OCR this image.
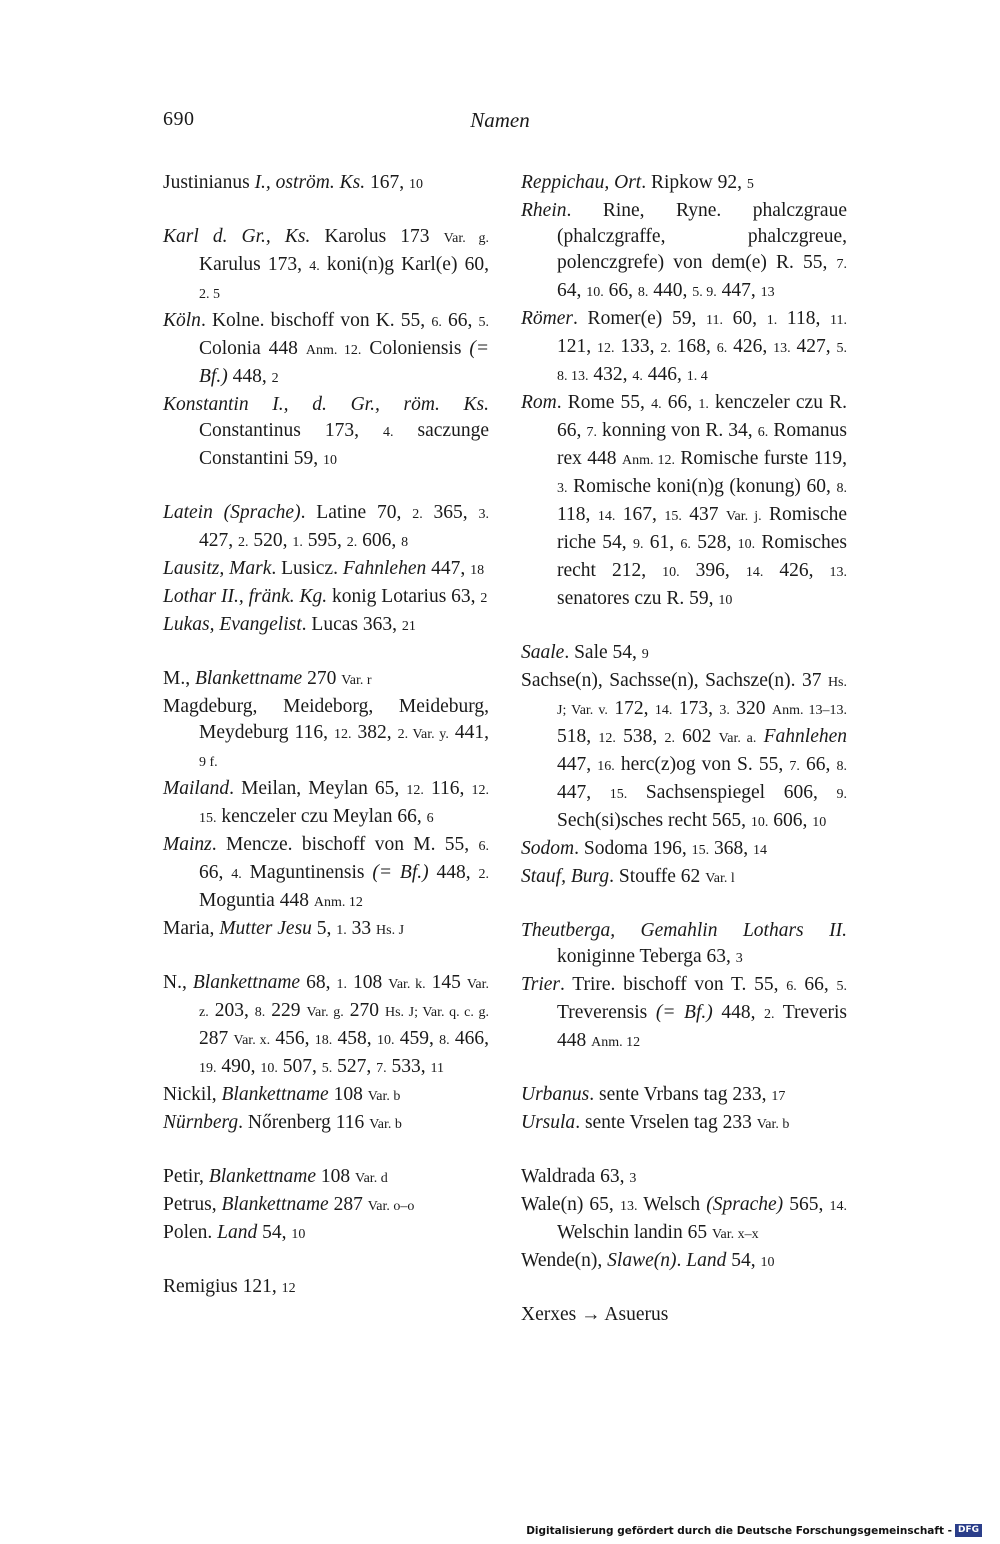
690	Namen
Justinianus I., oström. Ks. 167, 10
Karl d. Gr., Ks. Karolus 173 Var. g. Karulus 173, 4. koni(n)g Karl(e) 60, 2. 5
Köln. Kolne. bischoff von K. 55, 6. 66, 5. Colonia 448 Anm. 12. Coloniensis (= Bf.) 448, 2
Konstantin I., d. Gr., röm. Ks. Constantinus 173, 4. saczunge Constantini 59, 10
Latein (Sprache). Latine 70, 2. 365, 3. 427, 2. 520, 1. 595, 2. 606, 8
Lausitz, Mark. Lusicz. Fahnlehen 447, 18
Lothar II., fränk. Kg. konig Lotarius 63, 2
Lukas, Evangelist. Lucas 363, 21
M., Blankettname 270 Var. r
Magdeburg, Meideborg, Meideburg, Meydeburg 116, 12. 382, 2. Var. y. 441, 9 f.
Mailand. Meilan, Meylan 65, 12. 116, 12. 15. kenczeler czu Meylan 66, 6
Mainz. Mencze. bischoff von M. 55, 6. 66, 4. Maguntinensis (= Bf.) 448, 2. Moguntia 448 Anm. 12
Maria, Mutter Jesu 5, 1. 33 Hs. J
N., Blankettname 68, 1. 108 Var. k. 145 Var. z. 203, 8. 229 Var. g. 270 Hs. J; Var. q. c. g. 287 Var. x. 456, 18. 458, 10. 459, 8. 466, 19. 490, 10. 507, 5. 527, 7. 533, 11
Nickil, Blankettname 108 Var. b
Nürnberg. Nőrenberg 116 Var. b
Petir, Blankettname 108 Var. d
Petrus, Blankettname 287 Var. o–o
Polen. Land 54, 10
Remigius 121, 12
Reppichau, Ort. Ripkow 92, 5
Rhein. Rine, Ryne. phalczgraue (phalczgraffe, phalczgreue, polenczgrefe) von dem(e) R. 55, 7. 64, 10. 66, 8. 440, 5. 9. 447, 13
Römer. Romer(e) 59, 11. 60, 1. 118, 11. 121, 12. 133, 2. 168, 6. 426, 13. 427, 5. 8. 13. 432, 4. 446, 1. 4
Rom. Rome 55, 4. 66, 1. kenczeler czu R. 66, 7. konning von R. 34, 6. Romanus rex 448 Anm. 12. Romische furste 119, 3. Romische koni(n)g (konung) 60, 8. 118, 14. 167, 15. 437 Var. j. Romische riche 54, 9. 61, 6. 528, 10. Romisches recht 212, 10. 396, 14. 426, 13. senatores czu R. 59, 10
Saale. Sale 54, 9
Sachse(n), Sachsse(n), Sachsze(n). 37 Hs. J; Var. v. 172, 14. 173, 3. 320 Anm. 13–13. 518, 12. 538, 2. 602 Var. a. Fahnlehen 447, 16. herc(z)og von S. 55, 7. 66, 8. 447, 15. Sachsenspiegel 606, 9. Sech(si)sches recht 565, 10. 606, 10
Sodom. Sodoma 196, 15. 368, 14
Stauf, Burg. Stouffe 62 Var. l
Theutberga, Gemahlin Lothars II. koniginne Teberga 63, 3
Trier. Trire. bischoff von T. 55, 6. 66, 5. Treverensis (= Bf.) 448, 2. Treveris 448 Anm. 12
Urbanus. sente Vrbans tag 233, 17
Ursula. sente Vrselen tag 233 Var. b
Waldrada 63, 3
Wale(n) 65, 13. Welsch (Sprache) 565, 14. Welschin landin 65 Var. x–x
Wende(n), Slawe(n). Land 54, 10
Xerxes → Asuerus
Digitalisierung gefördert durch die Deutsche Forschungsgemeinschaft - DFG
